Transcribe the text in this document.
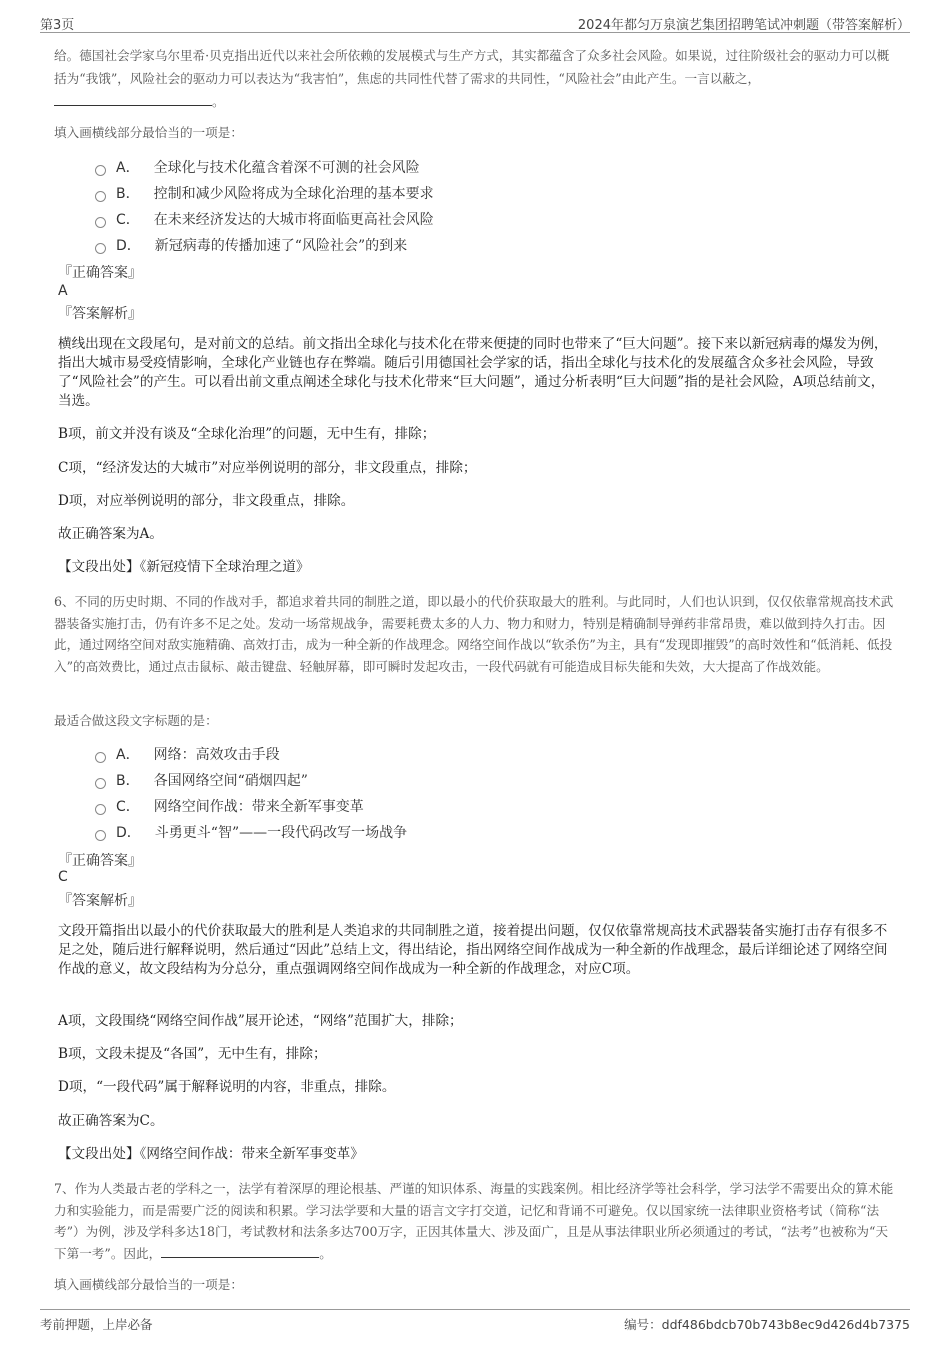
第3页	2024年都匀万泉演艺集团招聘笔试冲刺题（带答案解析）
给。德国社会学家乌尔里希·贝克指出近代以来社会所依赖的发展模式与生产方式，其实都蕴含了众多社会风险。如果说，过往阶级社会的驱动力可以概括为“我饿”，风险社会的驱动力可以表达为“我害怕”，焦虑的共同性代替了需求的共同性，“风险社会”由此产生。一言以蔽之，。
填入画横线部分最恰当的一项是：
A． 全球化与技术化蕴含着深不可测的社会风险
B． 控制和减少风险将成为全球化治理的基本要求
C． 在未来经济发达的大城市将面临更高社会风险
D． 新冠病毒的传播加速了“风险社会”的到来
『正确答案』
A
『答案解析』
横线出现在文段尾句，是对前文的总结。前文指出全球化与技术化在带来便捷的同时也带来了“巨大问题”。接下来以新冠病毒的爆发为例，指出大城市易受疫情影响，全球化产业链也存在弊端。随后引用德国社会学家的话，指出全球化与技术化的发展蕴含众多社会风险，导致了“风险社会”的产生。可以看出前文重点阐述全球化与技术化带来“巨大问题”，通过分析表明“巨大问题”指的是社会风险，A项总结前文，当选。
B项，前文并没有谈及“全球化治理”的问题，无中生有，排除；
C项，“经济发达的大城市”对应举例说明的部分，非文段重点，排除；
D项，对应举例说明的部分，非文段重点，排除。
故正确答案为A。
【文段出处】《新冠疫情下全球治理之道》
6、不同的历史时期、不同的作战对手，都追求着共同的制胜之道，即以最小的代价获取最大的胜利。与此同时，人们也认识到，仅仅依靠常规高技术武器装备实施打击，仍有许多不足之处。发动一场常规战争，需要耗费太多的人力、物力和财力，特别是精确制导弹药非常昂贵，难以做到持久打击。因此，通过网络空间对敌实施精确、高效打击，成为一种全新的作战理念。网络空间作战以“软杀伤”为主，具有“发现即摧毁”的高时效性和“低消耗、低投入”的高效费比，通过点击鼠标、敲击键盘、轻触屏幕，即可瞬时发起攻击，一段代码就有可能造成目标失能和失效，大大提高了作战效能。
最适合做这段文字标题的是：
A． 网络：高效攻击手段
B． 各国网络空间“硝烟四起”
C． 网络空间作战：带来全新军事变革
D． 斗勇更斗“智”——一段代码改写一场战争
『正确答案』
C
『答案解析』
文段开篇指出以最小的代价获取最大的胜利是人类追求的共同制胜之道，接着提出问题，仅仅依靠常规高技术武器装备实施打击存有很多不足之处，随后进行解释说明，然后通过“因此”总结上文，得出结论，指出网络空间作战成为一种全新的作战理念，最后详细论述了网络空间作战的意义，故文段结构为分总分，重点强调网络空间作战成为一种全新的作战理念，对应C项。
A项，文段围绕“网络空间作战”展开论述，“网络”范围扩大，排除；
B项，文段未提及“各国”，无中生有，排除；
D项，“一段代码”属于解释说明的内容，非重点，排除。
故正确答案为C。
【文段出处】《网络空间作战：带来全新军事变革》
7、作为人类最古老的学科之一，法学有着深厚的理论根基、严谨的知识体系、海量的实践案例。相比经济学等社会科学，学习法学不需要出众的算术能力和实验能力，而是需要广泛的阅读和积累。学习法学要和大量的语言文字打交道，记忆和背诵不可避免。仅以国家统一法律职业资格考试（简称“法考”）为例，涉及学科多达18门，考试教材和法条多达700万字，正因其体量大、涉及面广，且是从事法律职业所必须通过的考试，“法考”也被称为“天下第一考”。因此，	。
填入画横线部分最恰当的一项是：
考前押题，上岸必备	编号：ddf486bdcb70b743b8ec9d426d4b7375
